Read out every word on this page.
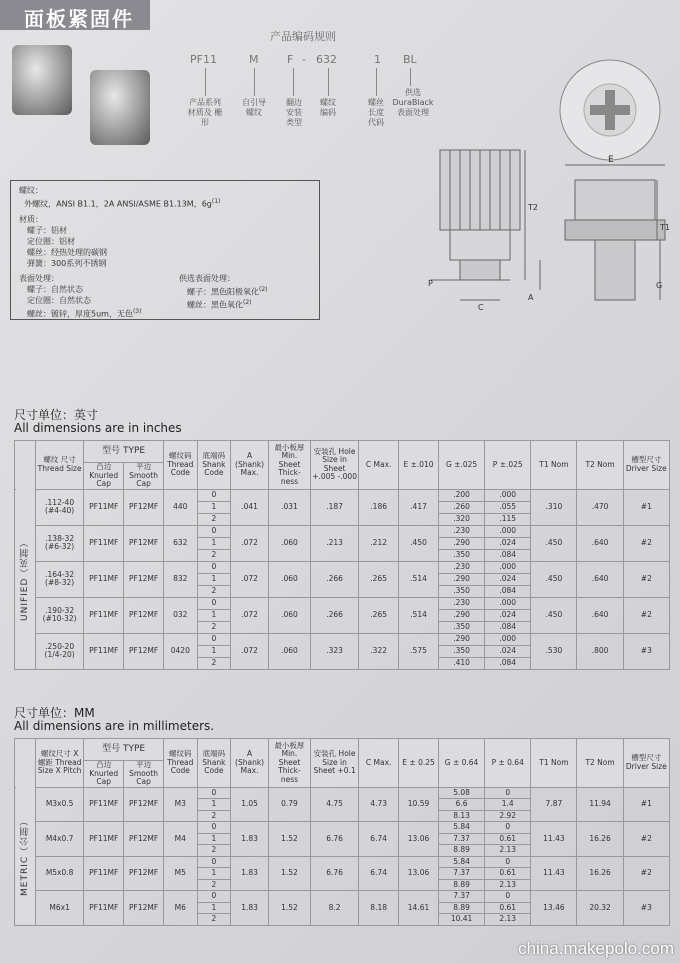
面板紧固件
产品编码规则
PF11	M	F - 632	1 BL
产品系列 材质及 栅形
自引导 螺纹
翻边 安装 类型
螺纹 编码
螺丝 长度 代码
供选 DuraBlack 表面处理
螺纹：
外螺纹，ANSI B1.1，2A ANSI/ASME B1.13M，$6g^{(1)}$
材质：
螺子：铝材
定位圈：铝材
螺丝：经热处理的碳钢
弹簧：300系列不锈钢
表面处理：
螺子：自然状态
定位圈：自然状态
螺丝：镀锌，厚度5um，无色$^{(3)}$
供选表面处理：
螺子：黑色阳极氧化$^{(2)}$
螺丝：黑色氧化$^{(2)}$
E
T2
T1
P
C
A
G
尺寸单位：英寸
All dimensions are in inches
	螺纹 尺寸 Thread Size	型号 TYPE		螺纹码 Thread Code	底端码 Shank Code	A (Shank) Max.	最小板厚 Min. Sheet Thick- ness	安装孔 Hole Size in Sheet +.005 -.000	C Max.	E ±.010	G ±.025	P ±.025	T1 Nom	T2 Nom	槽型尺寸 Driver Size
		凸边 Knurled Cap	平边 Smooth Cap												
UNIFIED（英制）	.112-40 (#4-40)	PF11MF	PF12MF	440	0	.041	.031	.187	.186	.417	.200	.000	.310	.470	#1
					1						.260	.055			
					2						.320	.115			
	.138-32 (#6-32)	PF11MF	PF12MF	632	0	.072	.060	.213	.212	.450	.230	.000	.450	.640	#2
					1						.290	.024			
					2						.350	.084			
	.164-32 (#8-32)	PF11MF	PF12MF	832	0	.072	.060	.266	.265	.514	.230	.000	.450	.640	#2
					1						.290	.024			
					2						.350	.084			
	.190-32 (#10-32)	PF11MF	PF12MF	032	0	.072	.060	.266	.265	.514	.230	.000	.450	.640	#2
					1						.290	.024			
					2						.350	.084			
	.250-20 (1/4-20)	PF11MF	PF12MF	0420	0	.072	.060	.323	.322	.575	.290	.000	.530	.800	#3
					1						.350	.024			
					2						.410	.084			
尺寸单位：MM
All dimensions are in millimeters.
	螺纹尺寸 X 螺距 Thread Size X Pitch	型号 TYPE		螺纹码 Thread Code	底端码 Shank Code	A (Shank) Max.	最小板厚 Min. Sheet Thick- ness	安装孔 Hole Size in Sheet +0.1	C Max.	E ± 0.25	G ± 0.64	P ± 0.64	T1 Nom	T2 Nom	槽型尺寸 Driver Size
		凸边 Knurled Cap	平边 Smooth Cap												
METRIC（公制）	M3x0.5	PF11MF	PF12MF	M3	0	1.05	0.79	4.75	4.73	10.59	5.08	0	7.87	11.94	#1
					1						6.6	1.4			
					2						8.13	2.92			
	M4x0.7	PF11MF	PF12MF	M4	0	1.83	1.52	6.76	6.74	13.06	5.84	0	11.43	16.26	#2
					1						7.37	0.61			
					2						8.89	2.13			
	M5x0.8	PF11MF	PF12MF	M5	0	1.83	1.52	6.76	6.74	13.06	5.84	0	11.43	16.26	#2
					1						7.37	0.61			
					2						8.89	2.13			
	M6x1	PF11MF	PF12MF	M6	0	1.83	1.52	8.2	8.18	14.61	7.37	0	13.46	20.32	#3
					1						8.89	0.61			
					2						10.41	2.13			
china.makepolo.com
